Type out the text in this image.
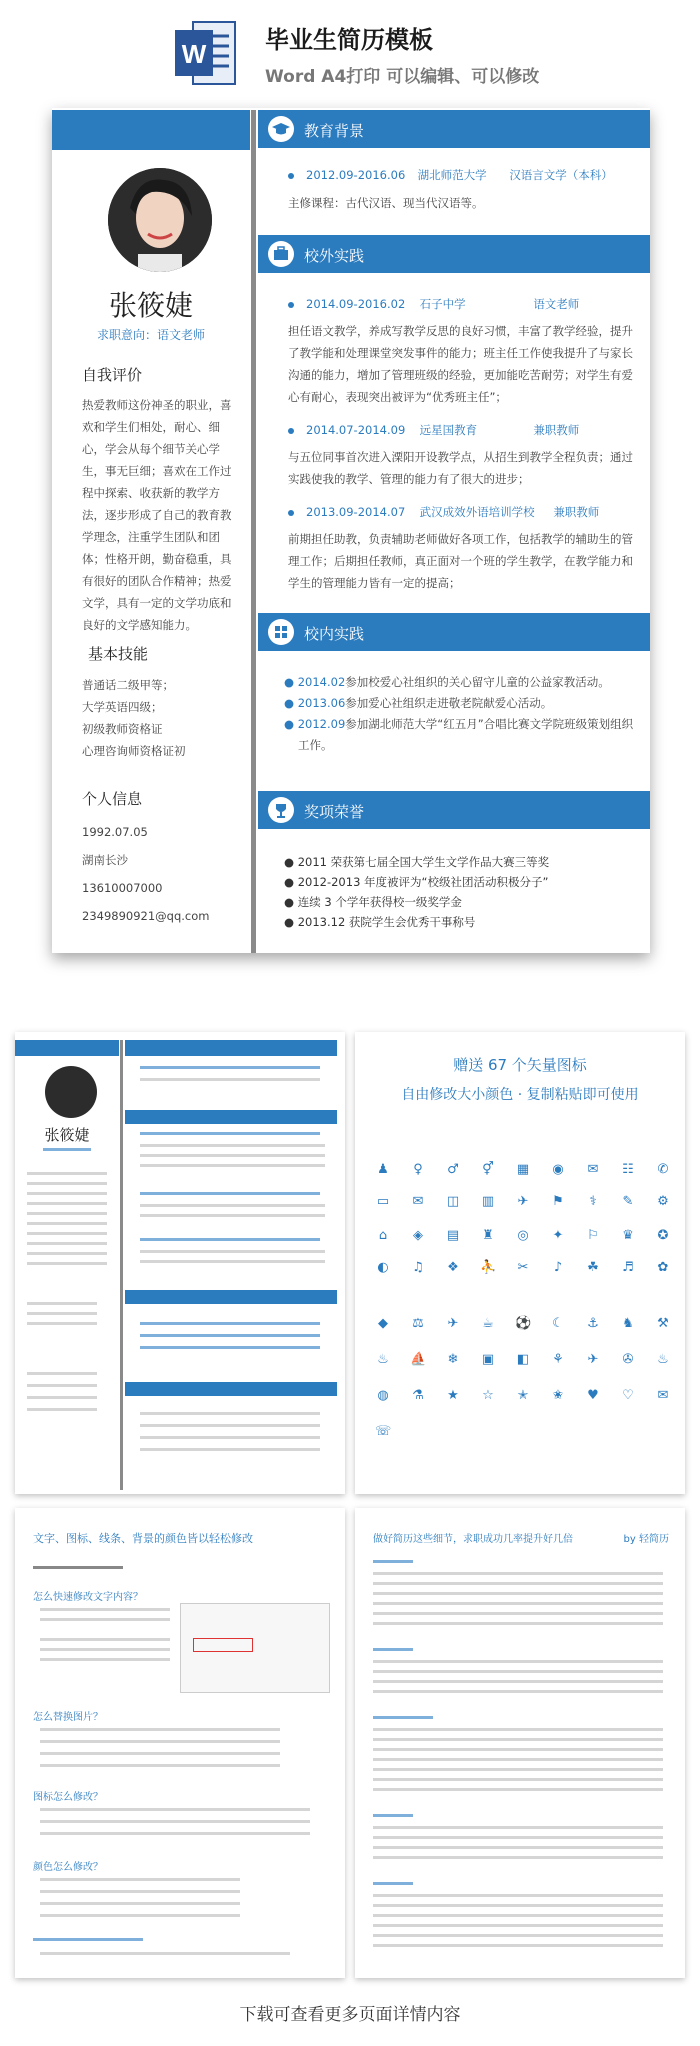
W 毕业生简历模板
Word A4打印 可以编辑、可以修改
张筱婕
求职意向：语文老师
自我评价
热爱教师这份神圣的职业，喜欢和学生们相处，耐心、细心，学会从每个细节关心学生，事无巨细；喜欢在工作过程中探索、收获新的教学方法，逐步形成了自己的教育教学理念，注重学生团队和团体；性格开朗，勤奋稳重，具有很好的团队合作精神；热爱文学，具有一定的文学功底和良好的文学感知能力。
基本技能
普通话二级甲等；
大学英语四级；
初级教师资格证
心理咨询师资格证初
个人信息
1992.07.05
湖南长沙
13610007000
2349890921@qq.com
教育背景
2012.09-2016.06 湖北师范大学 汉语言文学（本科）
主修课程：古代汉语、现当代汉语等。
校外实践
2014.09-2016.02 石子中学	语文老师
担任语文教学，养成写教学反思的良好习惯，丰富了教学经验，提升了教学能和处理课堂突发事件的能力；班主任工作使我提升了与家长沟通的能力，增加了管理班级的经验，更加能吃苦耐劳；对学生有爱心有耐心，表现突出被评为“优秀班主任”；
2014.07-2014.09 远星国教育	兼职教师
与五位同事首次进入溧阳开设教学点，从招生到教学全程负责；通过实践使我的教学、管理的能力有了很大的进步；
2013.09-2014.07 武汉成效外语培训学校 兼职教师
前期担任助教，负责辅助老师做好各项工作，包括教学的辅助生的管理工作；后期担任教师，真正面对一个班的学生教学，在教学能力和学生的管理能力皆有一定的提高；
校内实践
● 2014.02参加校爱心社组织的关心留守儿童的公益家教活动。
● 2013.06参加爱心社组织走进敬老院献爱心活动。
● 2012.09参加湖北师范大学“红五月”合唱比赛文学院班级策划组织工作。
奖项荣誉
● 2011 荣获第七届全国大学生文学作品大赛三等奖
● 2012-2013 年度被评为“校级社团活动积极分子”
● 连续 3 个学年获得校一级奖学金
● 2013.12 获院学生会优秀干事称号
张筱婕
赠送 67 个矢量图标
自由修改大小颜色 · 复制粘贴即可使用
♟ ♀ ♂ ⚥ ▦ ◉ ✉ ☷ ✆
▭ ✉ ◫ ▥ ✈ ⚑	⚕	✎ ⚙
⌂ ◈ ▤ ♜ ◎ ✦ ⚐ ♛ ✪
◐ ♫ ❖ ⛹ ✂ ♪ ☘ ♬ ✿
◆ ⚖ ✈ ☕ ⚽ ☾ ⚓ ♞ ⚒
♨ ⛵ ❄ ▣ ◧ ⚘ ✈ ✇ ♨
◍ ⚗ ★ ☆ ✭ ✬ ♥ ♡ ✉
☏
文字、图标、线条、背景的颜色皆以轻松修改
怎么快速修改文字内容？
怎么替换图片？
图标怎么修改？
颜色怎么修改？
做好简历这些细节，求职成功几率提升好几倍	by 轻简历
下载可查看更多页面详情内容
